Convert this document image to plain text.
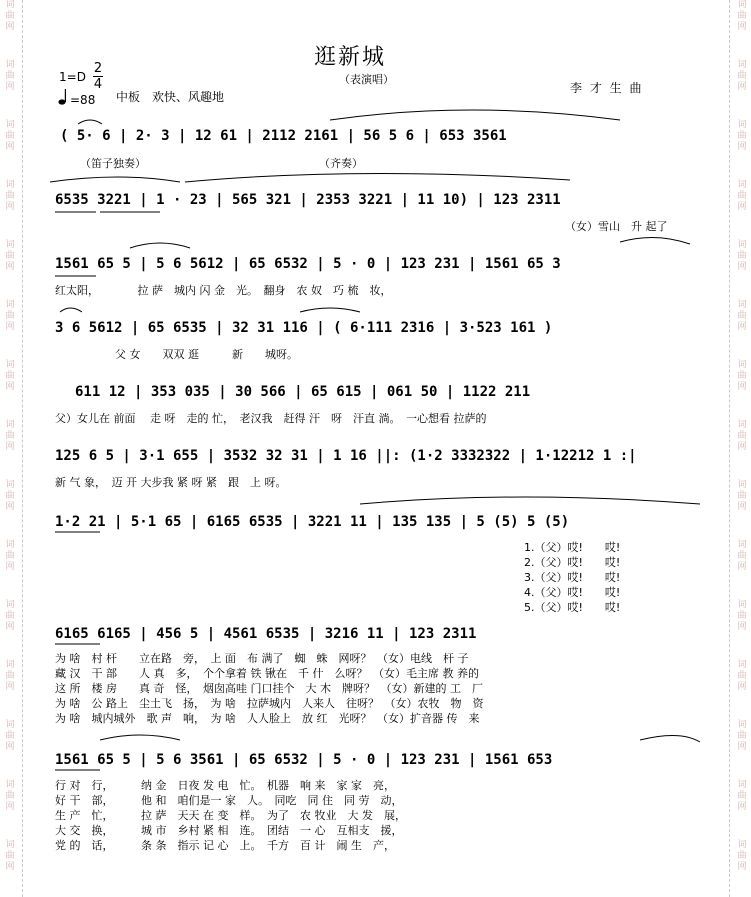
词曲网
词曲网
词曲网
词曲网
词曲网
词曲网
词曲网
词曲网
词曲网
词曲网
词曲网
词曲网
词曲网
词曲网
词曲网
词曲网
词曲网
词曲网
词曲网
词曲网
词曲网
词曲网
词曲网
词曲网
词曲网
词曲网
词曲网
词曲网
词曲网
词曲网
逛新城
（表演唱）
李 才 生 曲
1=D
2
4
=88 中板　欢快、风趣地
( 5· 6 | 2· 3 | 12 61 | 2112 2161 | 56 5 6 | 653 3561
（笛子独奏）	（齐奏）
6535 3221 | 1 · 23 | 565 321 | 2353 3221 | 11 10) | 123 2311
（女）雪山　升 起了
1561 65 5 | 5 6 5612 | 65 6532 | 5 · 0 | 123 231 | 1561 65 3
红太阳，　　　　拉 萨　城内 闪 金　光。　翻身　农 奴　巧 梳　妆，
3 6 5612 | 65 6535 | 32 31 116 | ( 6·111 2316 | 3·523 161 )
父 女　　双双 逛　　　新　　城呀。
611 12 | 353 035 | 30 566 | 65 615 | 061 50 | 1122 211
父）女儿在 前面　 走 呀　走的 忙，　老汉我　赶得 汗　呀　汗直 淌。　一心想看 拉萨的
125 6 5 | 3·1 655 | 3532 32 31 | 1 16 ||: (1·2 3332322 | 1·12212 1 :|
新 气 象，　迈 开 大步我 紧 呀 紧　跟　上 呀。
1·2 21 | 5·1 65 | 6165 6535 | 3221 11 | 135 135 | 5 (5) 5 (5)
1.（父）哎!　　哎!
2.（父）哎!　　哎!
3.（父）哎!　　哎!
4.（父）哎!　　哎!
5.（父）哎!　　哎!
6165 6165 | 456 5 | 4561 6535 | 3216 11 | 123 2311
为 啥　村 杆　　立在路　旁，　上 面　布 满了　蜘　蛛　网呀？　（女）电线　杆 子
藏 汉　干 部　　人 真　多，　个个拿着 铁 锹在　千 什　么呀？　（女）毛主席 教 养的
这 所　楼 房　　真 奇　怪，　烟囱高哇 门口挂个　大 木　牌呀？　（女）新建的 工　厂
为 啥　公 路上　尘土飞　扬，　为 啥　拉萨城内　人来人　往呀？　（女）农牧　物　资
为 啥　城内城外　歌 声　响，　为 啥　人人脸上　放 红　光呀？　（女）扩音器 传　来
1561 65 5 | 5 6 3561 | 65 6532 | 5 · 0 | 123 231 | 1561 653
行 对　行，　　　纳 金　日夜 发 电　忙。　机器　响 来　家 家　亮，
好 干　部，　　　他 和　咱们是一 家　人。　同吃　同 住　同 劳　动，
生 产　忙，　　　拉 萨　天天 在 变　样。　为了　农 牧业　大 发　展，
大 交　换，　　　城 市　乡村 紧 相　连。　团结　一 心　互相支　援，
党 的　话，　　　条 条　指示 记 心　上。　千方　百 计　闹 生　产，
